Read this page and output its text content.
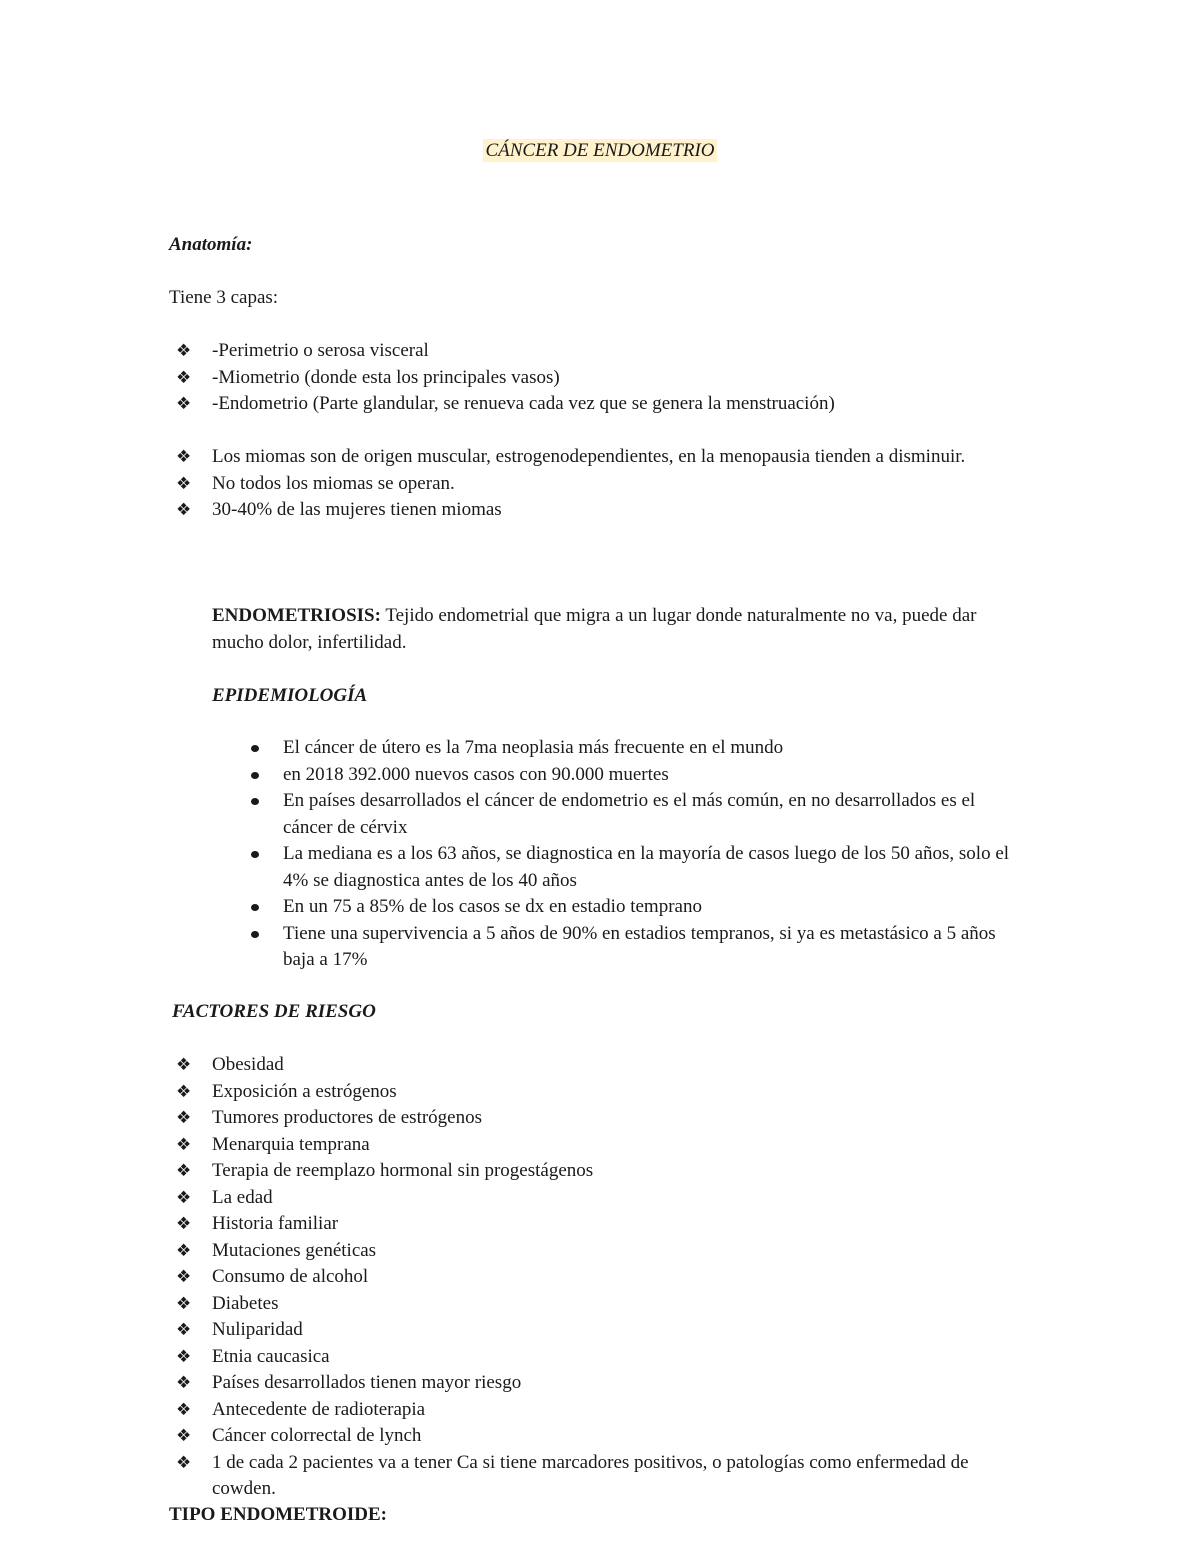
CÁNCER DE ENDOMETRIO
Anatomía:
Tiene 3 capas:
❖ -Perimetrio o serosa visceral
❖ -Miometrio (donde esta los principales vasos)
❖ -Endometrio (Parte glandular, se renueva cada vez que se genera la menstruación)
❖ Los miomas son de origen muscular, estrogenodependientes, en la menopausia tienden a disminuir.
❖ No todos los miomas se operan.
❖ 30-40% de las mujeres tienen miomas
ENDOMETRIOSIS: Tejido endometrial que migra a un lugar donde naturalmente no va, puede dar mucho dolor, infertilidad.
EPIDEMIOLOGÍA
El cáncer de útero es la 7ma neoplasia más frecuente en el mundo
en 2018 392.000 nuevos casos con 90.000 muertes
En países desarrollados el cáncer de endometrio es el más común, en no desarrollados es el cáncer de cérvix
La mediana es a los 63 años, se diagnostica en la mayoría de casos luego de los 50 años, solo el 4% se diagnostica antes de los 40 años
En un 75 a 85% de los casos se dx en estadio temprano
Tiene una supervivencia a 5 años de 90% en estadios tempranos, si ya es metastásico a 5 años baja a 17%
FACTORES DE RIESGO
❖ Obesidad
❖ Exposición a estrógenos
❖ Tumores productores de estrógenos
❖ Menarquia temprana
❖ Terapia de reemplazo hormonal sin progestágenos
❖ La edad
❖ Historia familiar
❖ Mutaciones genéticas
❖ Consumo de alcohol
❖ Diabetes
❖ Nuliparidad
❖ Etnia caucasica
❖ Países desarrollados tienen mayor riesgo
❖ Antecedente de radioterapia
❖ Cáncer colorrectal de lynch
❖ 1 de cada 2 pacientes va a tener Ca si tiene marcadores positivos, o patologías como enfermedad de cowden.
TIPO ENDOMETROIDE:
